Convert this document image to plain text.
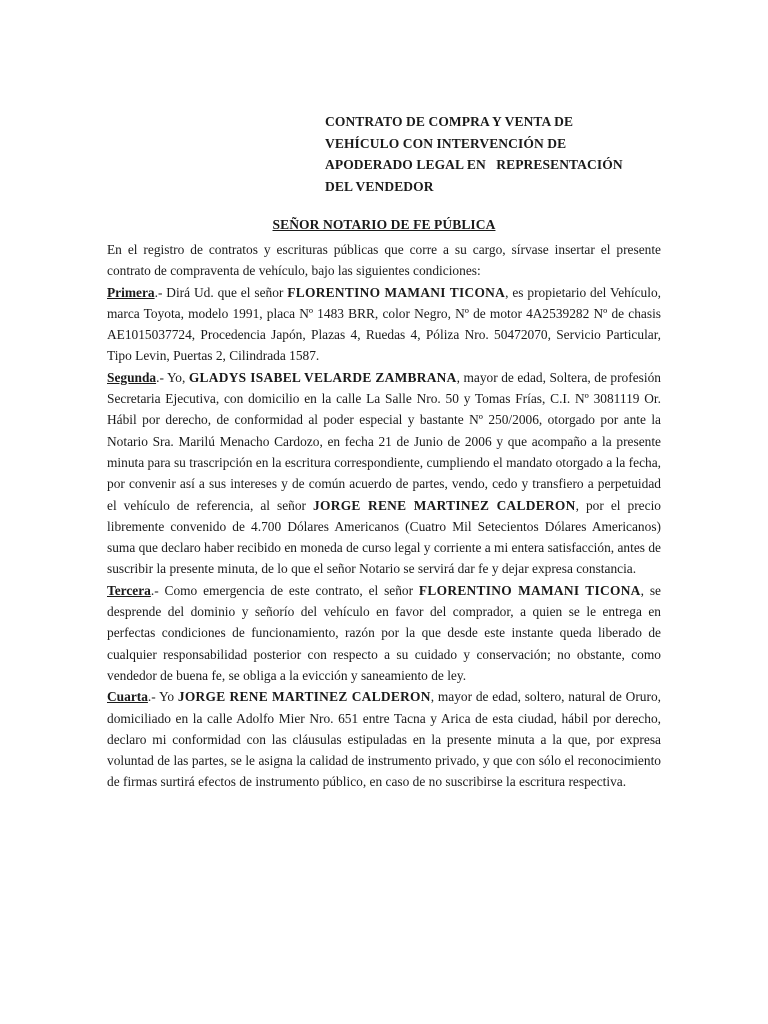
CONTRATO DE COMPRA Y VENTA DE
VEHÍCULO CON INTERVENCIÓN DE
APODERADO LEGAL EN   REPRESENTACIÓN
DEL VENDEDOR
SEÑOR NOTARIO DE FE PÚBLICA

En el registro de contratos y escrituras públicas que corre a su cargo, sírvase insertar el presente contrato de compraventa de vehículo, bajo las siguientes condiciones:

Primera.- Dirá Ud. que el señor FLORENTINO MAMANI TICONA, es propietario del Vehículo, marca Toyota, modelo 1991, placa Nº 1483 BRR, color Negro, Nº de motor 4A2539282 Nº de chasis AE1015037724, Procedencia Japón, Plazas 4, Ruedas 4, Póliza Nro. 50472070, Servicio Particular, Tipo Levin, Puertas 2, Cilindrada 1587.

Segunda.- Yo, GLADYS ISABEL VELARDE ZAMBRANA, mayor de edad, Soltera, de profesión Secretaria Ejecutiva, con domicilio en la calle La Salle Nro. 50 y Tomas Frías, C.I. Nº 3081119 Or. Hábil por derecho, de conformidad al poder especial y bastante Nº 250/2006, otorgado por ante la Notario Sra. Marilú Menacho Cardozo, en fecha 21 de Junio de 2006 y que acompaño a la presente minuta para su trascripción en la escritura correspondiente, cumpliendo el mandato otorgado a la fecha, por convenir así a sus intereses y de común acuerdo de partes, vendo, cedo y transfiero a perpetuidad el vehículo de referencia, al señor JORGE RENE MARTINEZ CALDERON, por el precio libremente convenido de 4.700 Dólares Americanos (Cuatro Mil Setecientos Dólares Americanos) suma que declaro haber recibido en moneda de curso legal y corriente a mi entera satisfacción, antes de suscribir la presente minuta, de lo que el señor Notario se servirá dar fe y dejar expresa constancia.

Tercera.- Como emergencia de este contrato, el señor FLORENTINO MAMANI TICONA, se desprende del dominio y señorío del vehículo en favor del comprador, a quien se le entrega en perfectas condiciones de funcionamiento, razón por la que desde este instante queda liberado de cualquier responsabilidad posterior con respecto a su cuidado y conservación; no obstante, como vendedor de buena fe, se obliga a la evicción y saneamiento de ley.

Cuarta.- Yo JORGE RENE MARTINEZ CALDERON, mayor de edad, soltero, natural de Oruro, domiciliado en la calle Adolfo Mier Nro. 651 entre Tacna y Arica de esta ciudad, hábil por derecho, declaro mi conformidad con las cláusulas estipuladas en la presente minuta a la que, por expresa voluntad de las partes, se le asigna la calidad de instrumento privado, y que con sólo el reconocimiento de firmas surtirá efectos de instrumento público, en caso de no suscribirse la escritura respectiva.
